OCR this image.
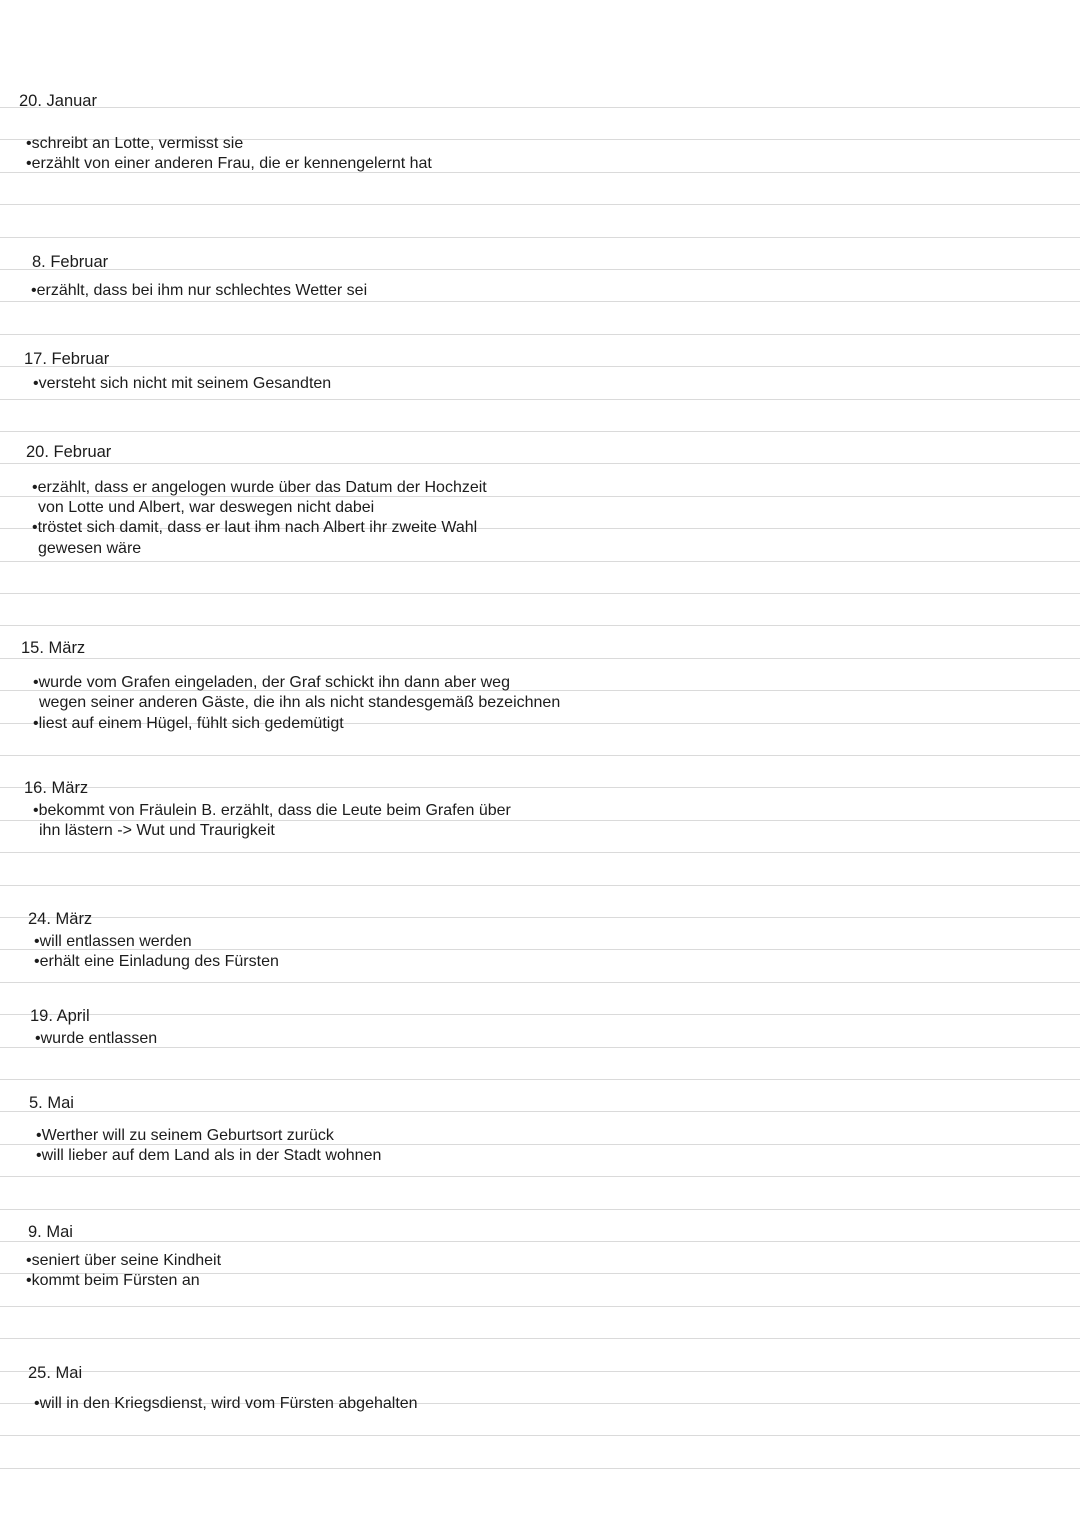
20. Januar
•schreibt an Lotte, vermisst sie
•erzählt von einer anderen Frau, die er kennengelernt hat
8. Februar
•erzählt, dass bei ihm nur schlechtes Wetter sei
17. Februar
•versteht sich nicht mit seinem Gesandten
20. Februar
•erzählt, dass er angelogen wurde über das Datum der Hochzeit
von Lotte und Albert, war deswegen nicht dabei
•tröstet sich damit, dass er laut ihm nach Albert ihr zweite Wahl
gewesen wäre
15. März
•wurde vom Grafen eingeladen, der Graf schickt ihn dann aber weg
wegen seiner anderen Gäste, die ihn als nicht standesgemäß bezeichnen
•liest auf einem Hügel, fühlt sich gedemütigt
16. März
•bekommt von Fräulein B. erzählt, dass die Leute beim Grafen über
ihn lästern -> Wut und Traurigkeit
24. März
•will entlassen werden
•erhält eine Einladung des Fürsten
19. April
•wurde entlassen
5. Mai
•Werther will zu seinem Geburtsort zurück
•will lieber auf dem Land als in der Stadt wohnen
9. Mai
•seniert über seine Kindheit
•kommt beim Fürsten an
25. Mai
•will in den Kriegsdienst, wird vom Fürsten abgehalten
